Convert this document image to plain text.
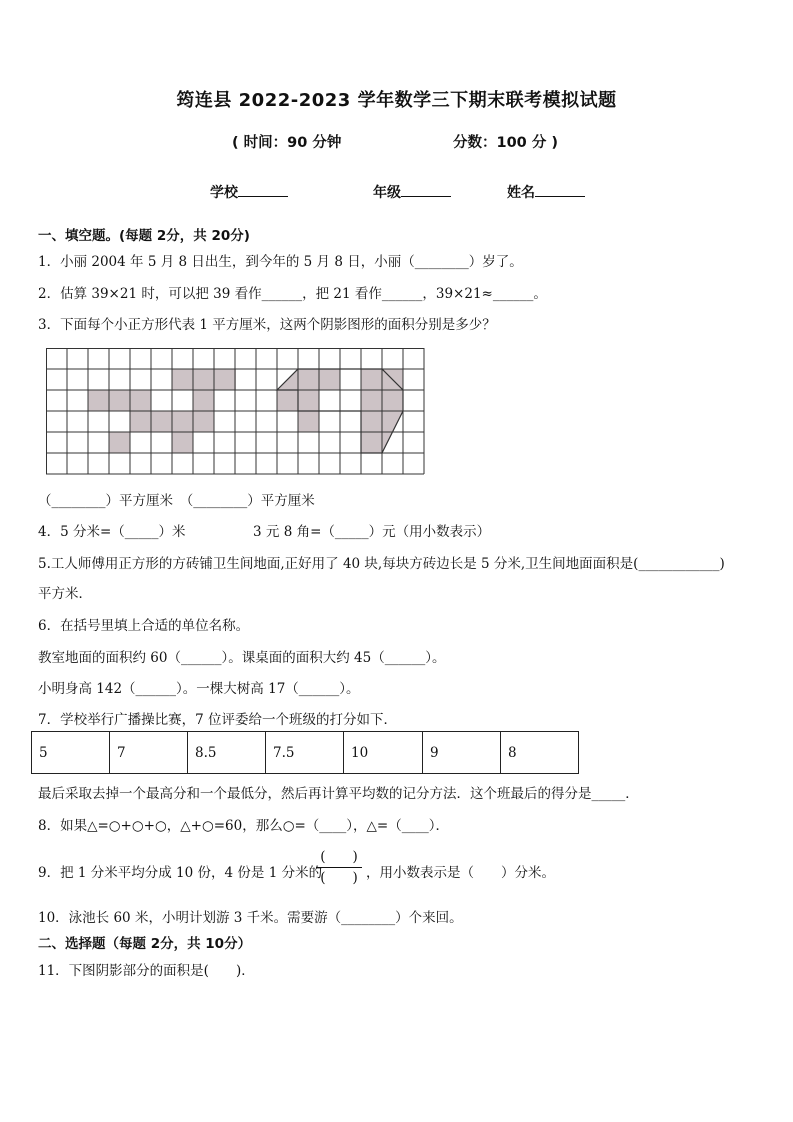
筠连县 2022-2023 学年数学三下期末联考模拟试题
( 时间：90 分钟	分数：100 分 )
学校	年级	姓名
一、填空题。(每题 2分，共 20分)
1．小丽 2004 年 5 月 8 日出生，到今年的 5 月 8 日，小丽（________）岁了。
2．估算 39×21 时，可以把 39 看作______，把 21 看作______，39×21≈______。
3．下面每个小正方形代表 1 平方厘米，这两个阴影图形的面积分别是多少？
（________）平方厘米　（________）平方厘米
4．5 分米=（_____）米　　　　　3 元 8 角=（_____）元（用小数表示）
5.工人师傅用正方形的方砖铺卫生间地面,正好用了 40 块,每块方砖边长是 5 分米,卫生间地面面积是(____________)
平方米．
6．在括号里填上合适的单位名称。
教室地面的面积约 60（______）。课桌面的面积大约 45（______）。
小明身高 142（______）。一棵大树高 17（______）。
7．学校举行广播操比赛，7 位评委给一个班级的打分如下．
5	7	8.5	7.5	10	9	8
最后采取去掉一个最高分和一个最低分，然后再计算平均数的记分方法．这个班最后的得分是_____．
8．如果△=○+○+○，△+○=60，那么○=（____），△=（____）．
9．把 1 分米平均分成 10 份，4 份是 1 分米的
(　　)
(　　) ，用小数表示是（　　）分米。
10．泳池长 60 米，小明计划游 3 千米。需要游（________）个来回。
二、选择题（每题 2分，共 10分）
11．下图阴影部分的面积是(　　)．
